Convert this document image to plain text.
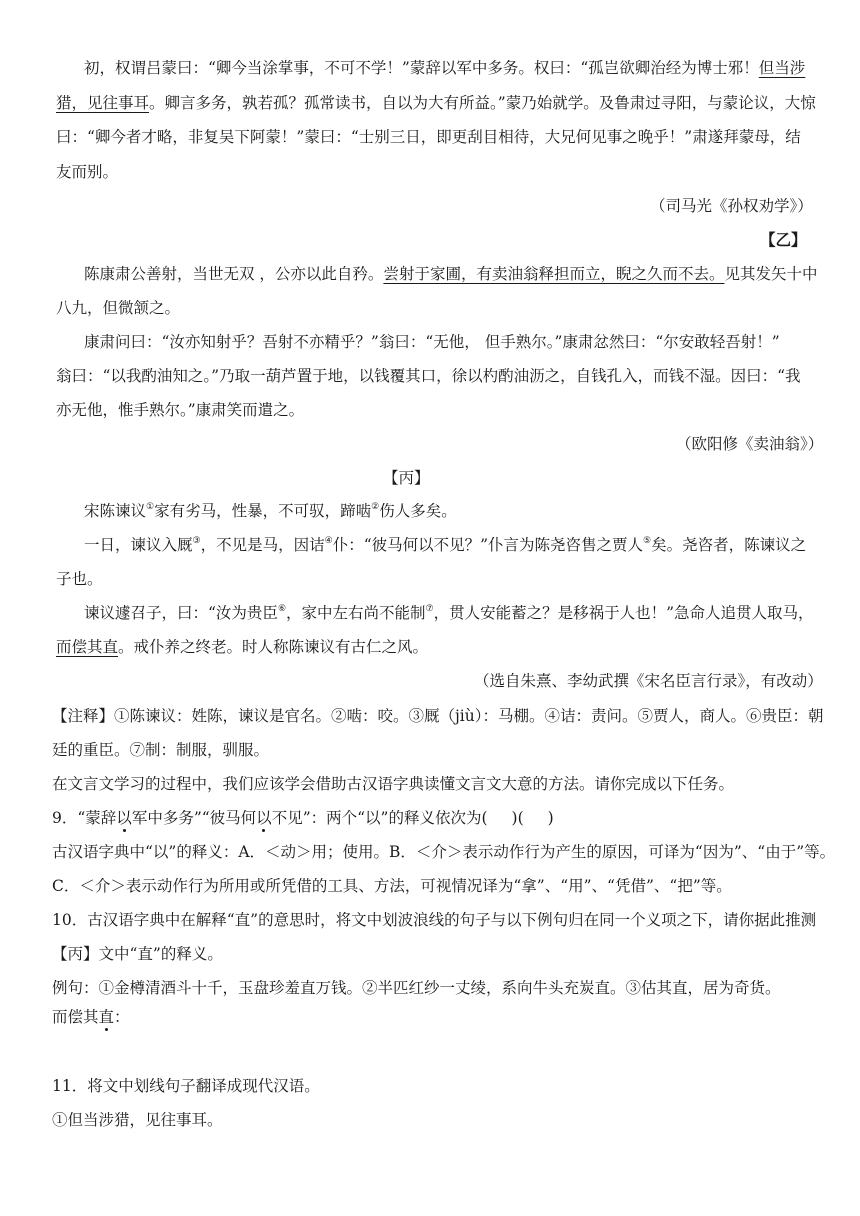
初，权谓吕蒙曰：“卿今当涂掌事，不可不学！”蒙辞以军中多务。权曰：“孤岂欲卿治经为博士邪！但当涉
猎，见往事耳。卿言多务，孰若孤？孤常读书，自以为大有所益。”蒙乃始就学。及鲁肃过寻阳，与蒙论议，大惊
曰：“卿今者才略，非复吴下阿蒙！”蒙曰：“士别三日，即更刮目相待，大兄何见事之晚乎！”肃遂拜蒙母，结
友而别。
（司马光《孙权劝学》）
【乙】
陈康肃公善射，当世无双 ，公亦以此自矜。尝射于家圃，有卖油翁释担而立，睨之久而不去。见其发矢十中
八九，但微颔之。
康肃问曰：“汝亦知射乎？吾射不亦精乎？”翁曰：“无他， 但手熟尔。”康肃忿然曰：“尔安敢轻吾射！”
翁曰：“以我酌油知之。”乃取一葫芦置于地，以钱覆其口，徐以杓酌油沥之，自钱孔入，而钱不湿。因曰：“我
亦无他，惟手熟尔。”康肃笑而遣之。
（欧阳修《卖油翁》）
【丙】
宋陈谏议①家有劣马，性暴，不可驭，蹄啮②伤人多矣。
一日，谏议入厩③，不见是马，因诘④仆：“彼马何以不见？”仆言为陈尧咨售之贾人⑤矣。尧咨者，陈谏议之
子也。
谏议遽召子，曰：“汝为贵臣⑥，家中左右尚不能制⑦，贯人安能蓄之？是移祸于人也！”急命人追贯人取马，
而偿其直。戒仆养之终老。时人称陈谏议有古仁之风。
（选自朱熹、李幼武撰《宋名臣言行录》，有改动）
【注释】①陈谏议：姓陈，谏议是官名。②啮：咬。③厩（jiù）：马棚。④诘：责问。⑤贾人，商人。⑥贵臣：朝
廷的重臣。⑦制：制服，驯服。
在文言文学习的过程中，我们应该学会借助古汉语字典读懂文言文大意的方法。请你完成以下任务。
9．“蒙辞以军中多务”“彼马何以不见”：两个“以”的释义依次为( )( )
古汉语字典中“以”的释义：A．＜动＞用；使用。B．＜介＞表示动作行为产生的原因，可译为“因为”、“由于”等。
C．＜介＞表示动作行为所用或所凭借的工具、方法，可视情况译为“拿”、“用”、“凭借”、“把”等。
10．古汉语字典中在解释“直”的意思时，将文中划波浪线的句子与以下例句归在同一个义项之下，请你据此推测
【丙】文中“直”的释义。
例句：①金樽清酒斗十千，玉盘珍羞直万钱。②半匹红纱一丈绫，系向牛头充炭直。③估其直，居为奇货。
而偿其直：
11．将文中划线句子翻译成现代汉语。
①但当涉猎，见往事耳。
